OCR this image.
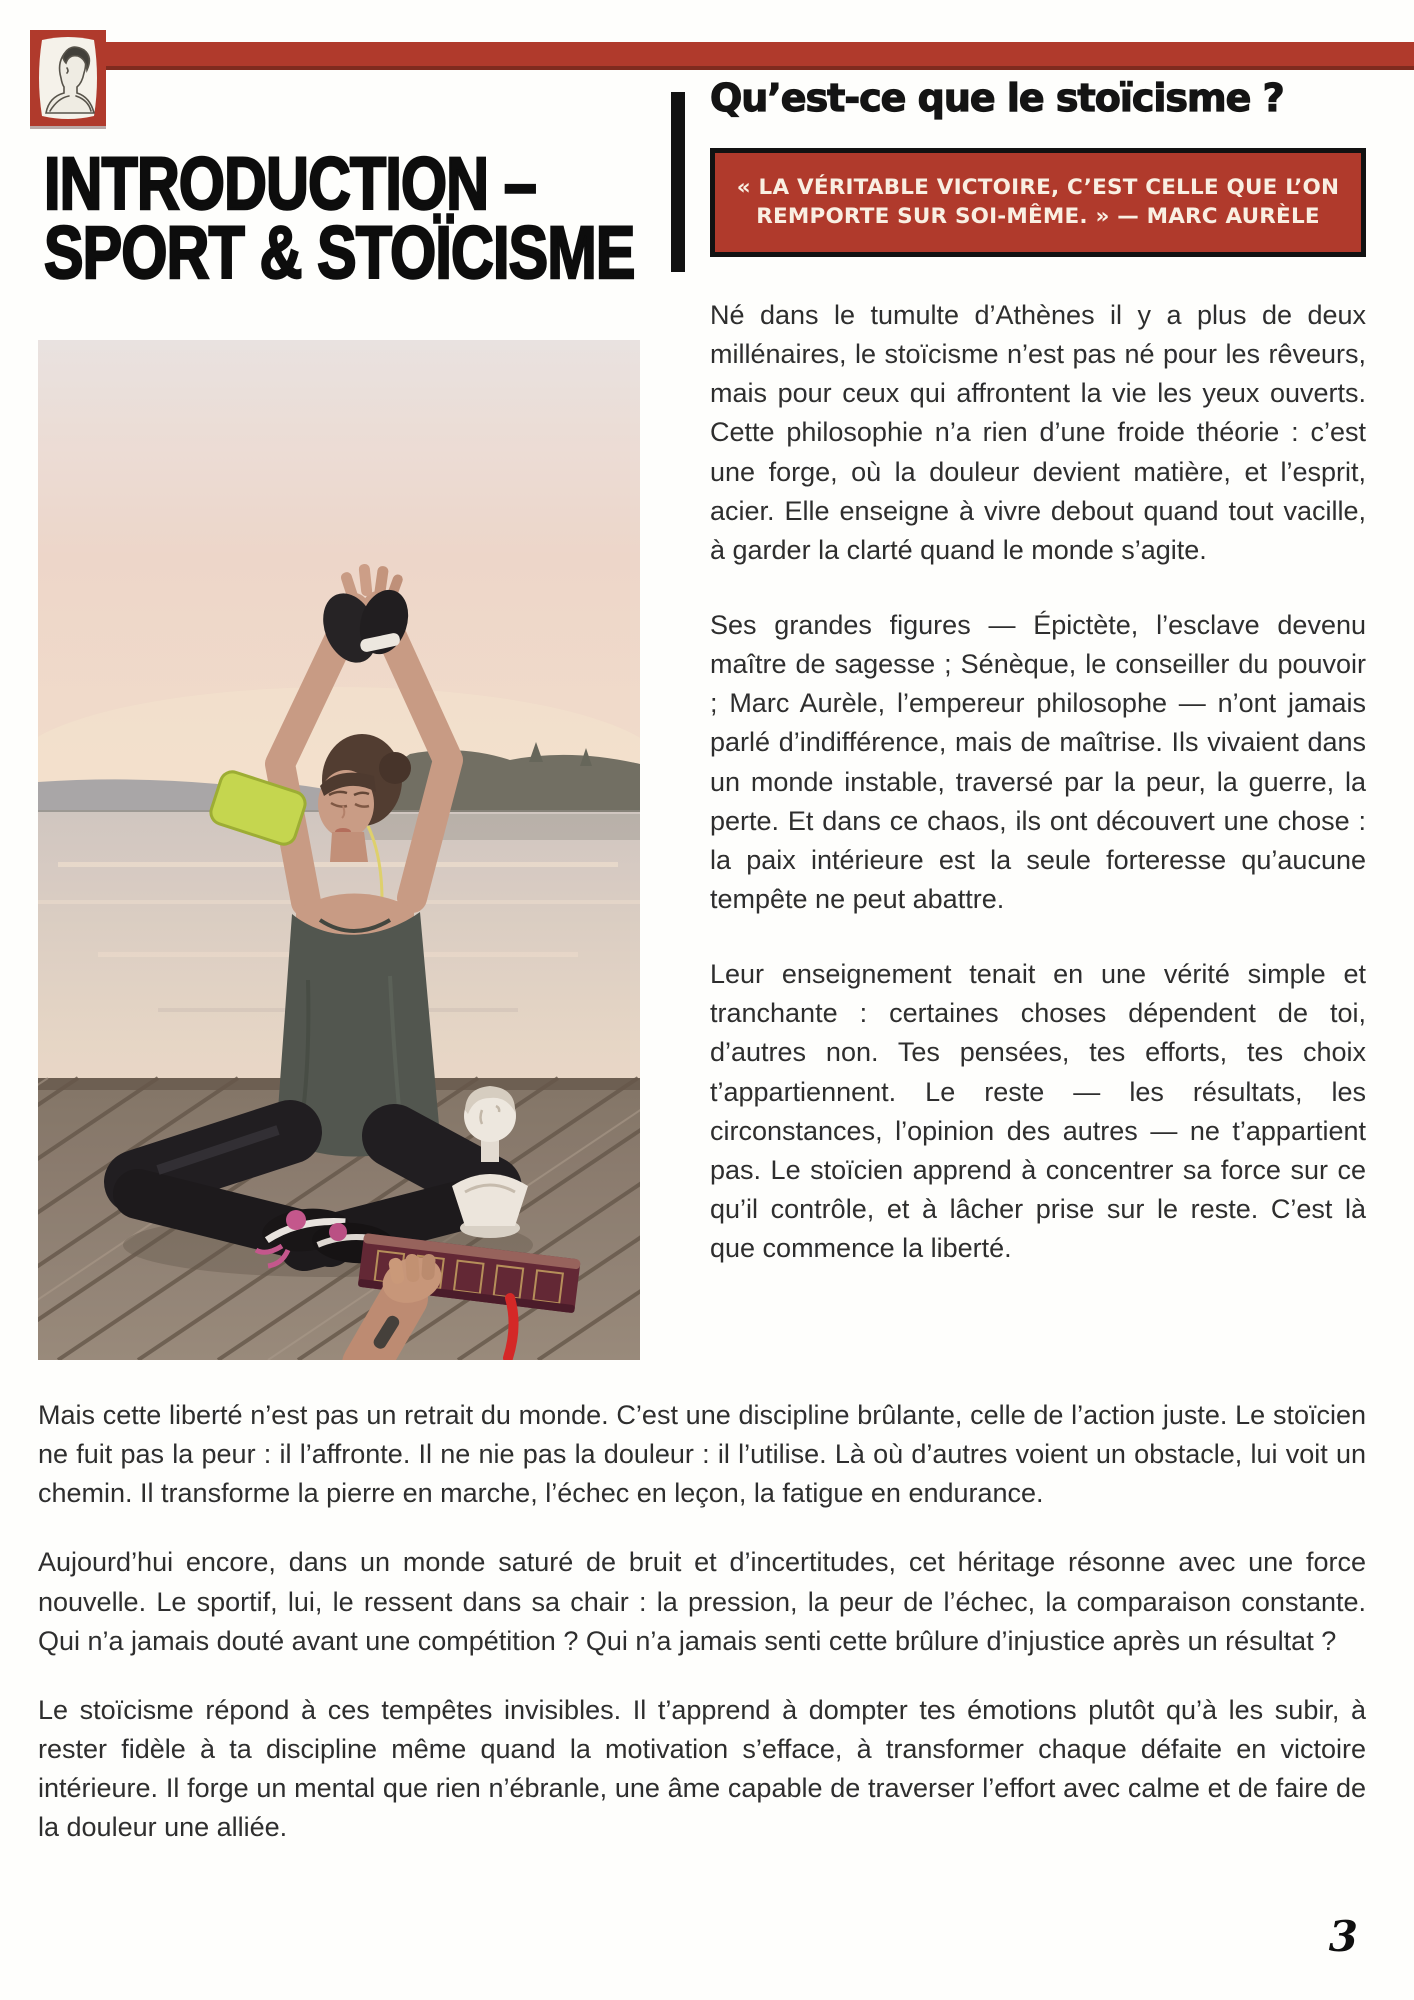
INTRODUCTION –
SPORT & STOÏCISME
Qu’est-ce que le stoïcisme ?

« LA VÉRITABLE VICTOIRE, C’EST CELLE QUE L’ON REMPORTE SUR SOI-MÊME. » — MARC AURÈLE

Né dans le tumulte d’Athènes il y a plus de deux millénaires, le stoïcisme n’est pas né pour les rêveurs, mais pour ceux qui affrontent la vie les yeux ouverts. Cette philosophie n’a rien d’une froide théorie : c’est une forge, où la douleur devient matière, et l’esprit, acier. Elle enseigne à vivre debout quand tout vacille, à garder la clarté quand le monde s’agite.

Ses grandes figures — Épictète, l’esclave devenu maître de sagesse ; Sénèque, le conseiller du pouvoir ; Marc Aurèle, l’empereur philosophe — n’ont jamais parlé d’indifférence, mais de maîtrise. Ils vivaient dans un monde instable, traversé par la peur, la guerre, la perte. Et dans ce chaos, ils ont découvert une chose : la paix intérieure est la seule forteresse qu’aucune tempête ne peut abattre.

Leur enseignement tenait en une vérité simple et tranchante : certaines choses dépendent de toi, d’autres non. Tes pensées, tes efforts, tes choix t’appartiennent. Le reste — les résultats, les circonstances, l’opinion des autres — ne t’appartient pas. Le stoïcien apprend à concentrer sa force sur ce qu’il contrôle, et à lâcher prise sur le reste. C’est là que commence la liberté.

Mais cette liberté n’est pas un retrait du monde. C’est une discipline brûlante, celle de l’action juste. Le stoïcien ne fuit pas la peur : il l’affronte. Il ne nie pas la douleur : il l’utilise. Là où d’autres voient un obstacle, lui voit un chemin. Il transforme la pierre en marche, l’échec en leçon, la fatigue en endurance.

Aujourd’hui encore, dans un monde saturé de bruit et d’incertitudes, cet héritage résonne avec une force nouvelle. Le sportif, lui, le ressent dans sa chair : la pression, la peur de l’échec, la comparaison constante. Qui n’a jamais douté avant une compétition ? Qui n’a jamais senti cette brûlure d’injustice après un résultat ?

Le stoïcisme répond à ces tempêtes invisibles. Il t’apprend à dompter tes émotions plutôt qu’à les subir, à rester fidèle à ta discipline même quand la motivation s’efface, à transformer chaque défaite en victoire intérieure. Il forge un mental que rien n’ébranle, une âme capable de traverser l’effort avec calme et de faire de la douleur une alliée.

3
